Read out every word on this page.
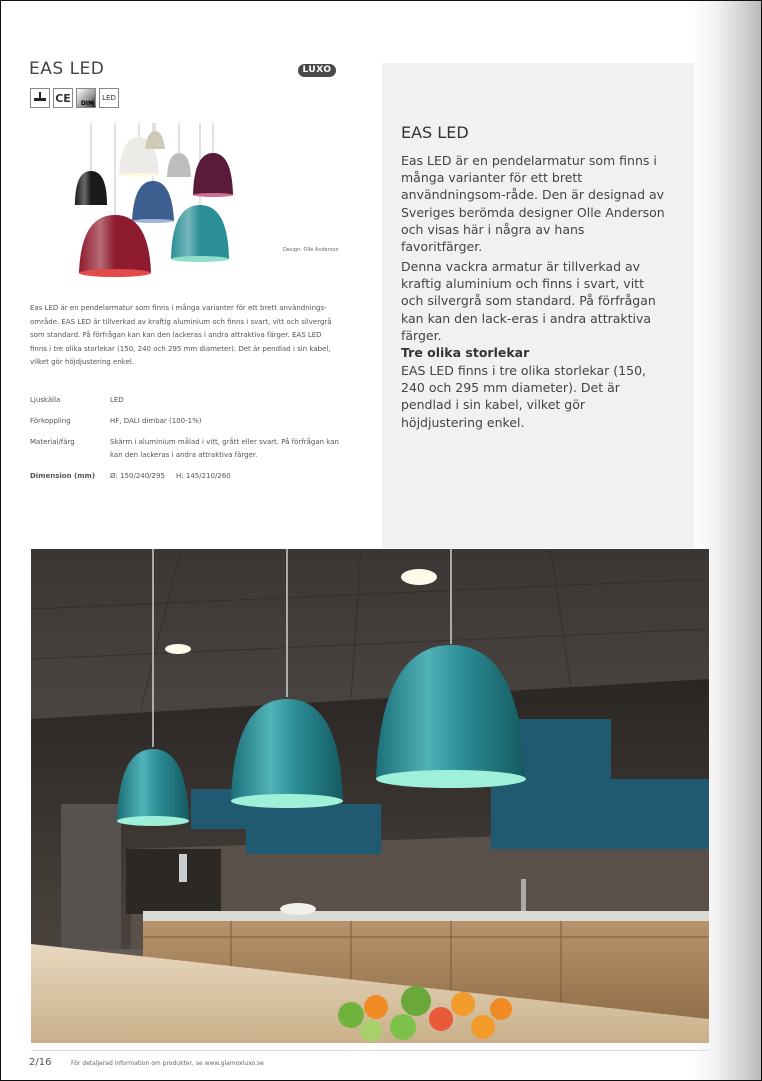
EAS LED	LUXO
CE	DIM
LED
Design: Olle Anderson
Eas LED är en pendelarmatur som finns i många varianter för ett brett användnings-område. EAS LED är tillverkad av kraftig aluminium och finns i svart, vitt och silvergrå som standard. På förfrågan kan kan den lackeras i andra attraktiva färger. EAS LED finns i tre olika storlekar (150, 240 och 295 mm diameter). Det är pendlad i sin kabel, vilket gör höjdjustering enkel.
Ljuskälla	LED
Förkoppling	HF, DALI dimbar (100-1%)
Material/färg	Skärm i aluminium målad i vitt, grått eller svart. På förfrågan kan kan den lackeras i andra attraktiva färger.
Dimension (mm)	Ø: 150/240/295     H: 145/210/260
EAS LED
Eas LED är en pendelarmatur som finns i många varianter för ett brett användningsom-råde. Den är designad av Sveriges berömda designer Olle Anderson och visas här i några av hans favoritfärger.
Denna vackra armatur är tillverkad av kraftig aluminium och finns i svart, vitt och silvergrå som standard. På förfrågan kan kan den lack-eras i andra attraktiva färger.
Tre olika storlekar
EAS LED finns i tre olika storlekar (150, 240 och 295 mm diameter). Det är pendlad i sin kabel, vilket gör höjdjustering enkel.
2/16	För detaljerad information om produkter, se www.glamoxluxo.se
